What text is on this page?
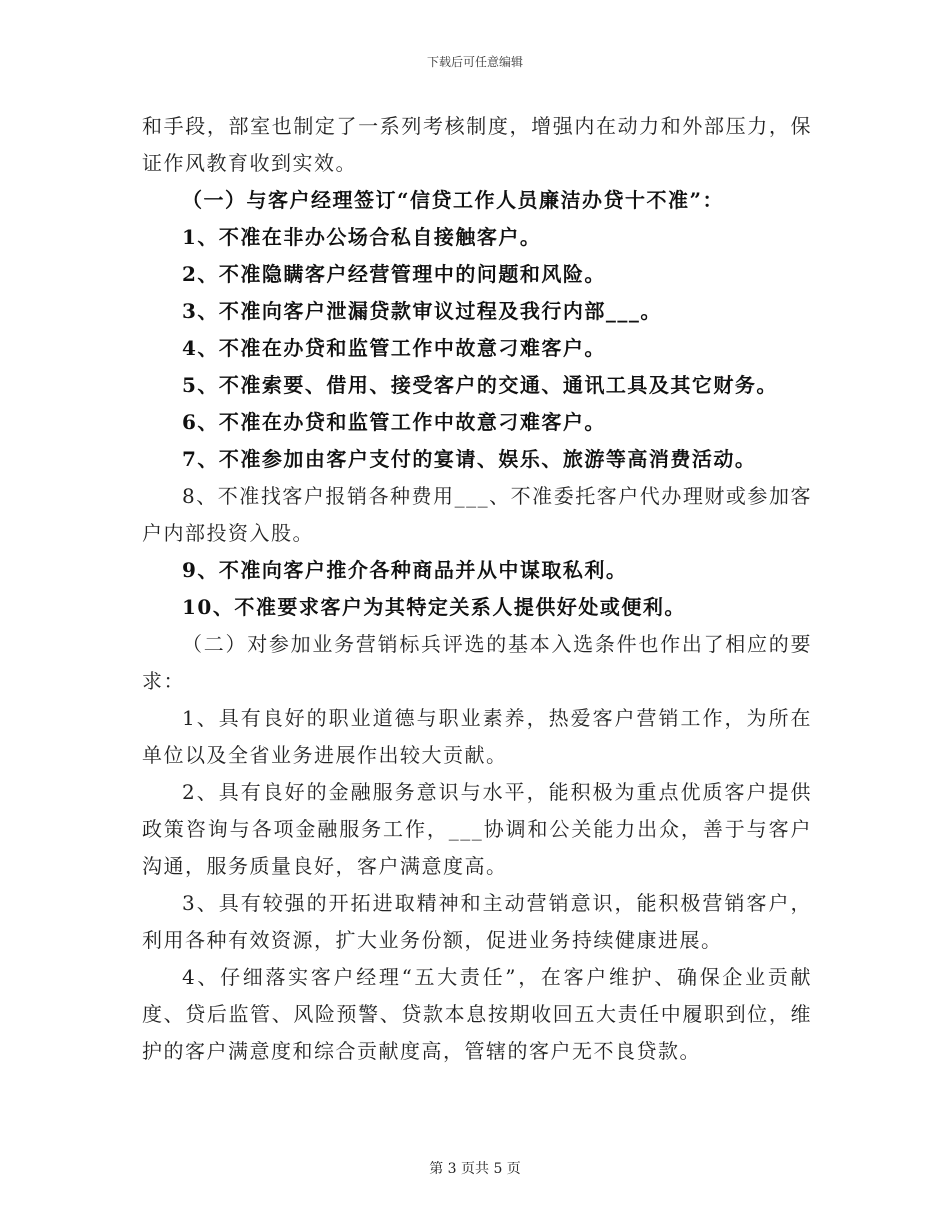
下载后可任意编辑

和手段，部室也制定了一系列考核制度，增强内在动力和外部压力，保证作风教育收到实效。

（一）与客户经理签订“信贷工作人员廉洁办贷十不准”：

1、不准在非办公场合私自接触客户。

2、不准隐瞒客户经营管理中的问题和风险。

3、不准向客户泄漏贷款审议过程及我行内部___。

4、不准在办贷和监管工作中故意刁难客户。

5、不准索要、借用、接受客户的交通、通讯工具及其它财务。

6、不准在办贷和监管工作中故意刁难客户。

7、不准参加由客户支付的宴请、娱乐、旅游等高消费活动。

8、不准找客户报销各种费用___、不准委托客户代办理财或参加客户内部投资入股。

9、不准向客户推介各种商品并从中谋取私利。

10、不准要求客户为其特定关系人提供好处或便利。

（二）对参加业务营销标兵评选的基本入选条件也作出了相应的要求：

1、具有良好的职业道德与职业素养，热爱客户营销工作，为所在单位以及全省业务进展作出较大贡献。

2、具有良好的金融服务意识与水平，能积极为重点优质客户提供政策咨询与各项金融服务工作，___协调和公关能力出众，善于与客户沟通，服务质量良好，客户满意度高。

3、具有较强的开拓进取精神和主动营销意识，能积极营销客户，利用各种有效资源，扩大业务份额，促进业务持续健康进展。

4、仔细落实客户经理“五大责任”，在客户维护、确保企业贡献度、贷后监管、风险预警、贷款本息按期收回五大责任中履职到位，维护的客户满意度和综合贡献度高，管辖的客户无不良贷款。

第 3 页共 5 页
